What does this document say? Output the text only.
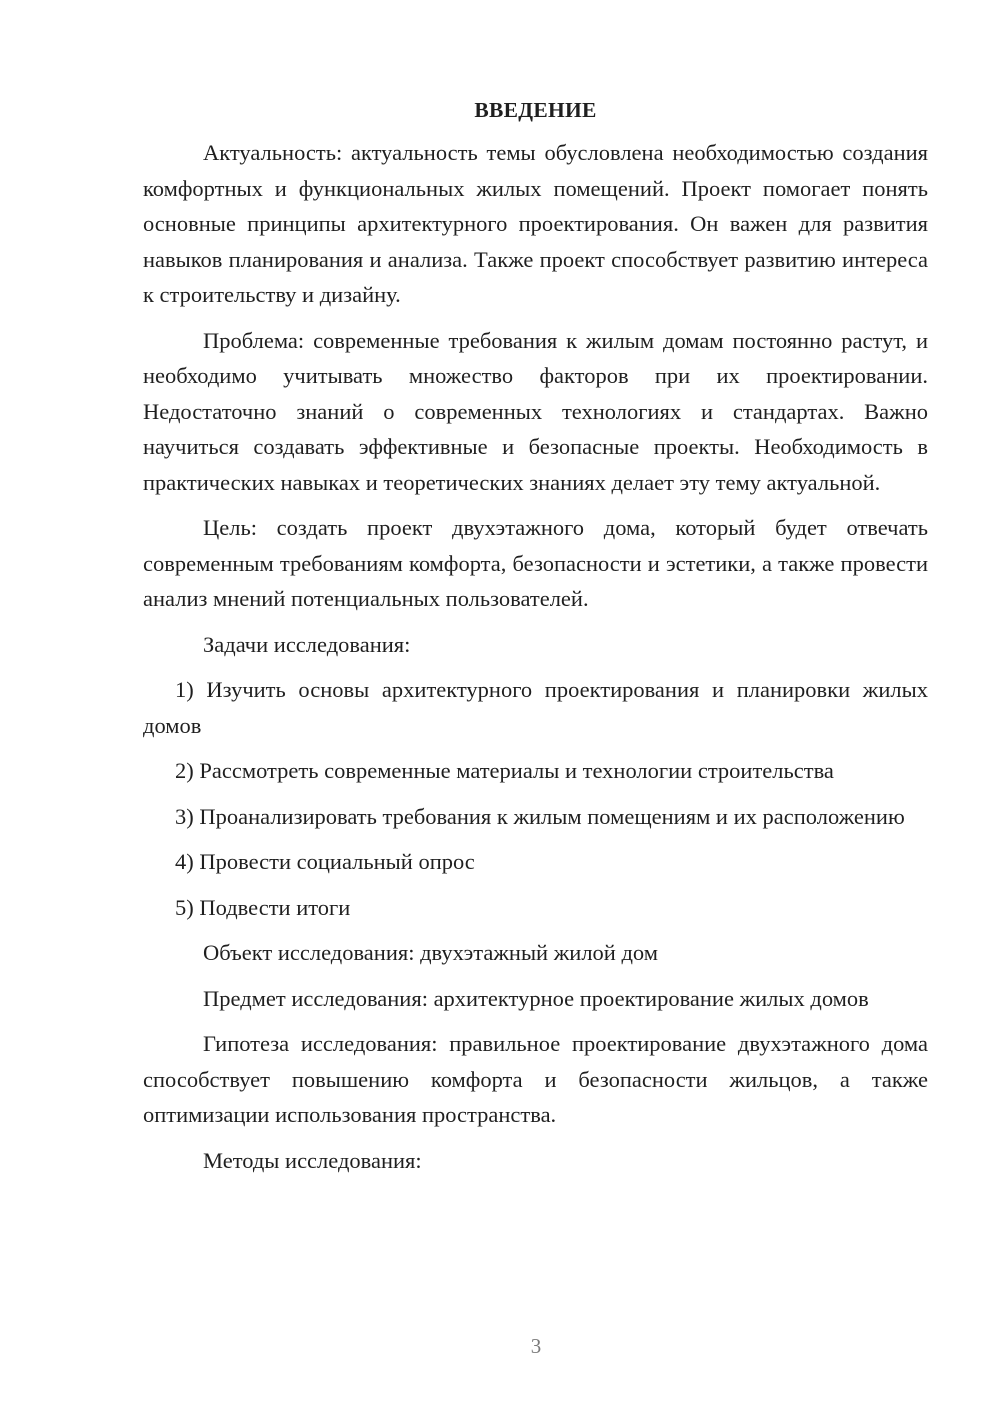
ВВЕДЕНИЕ

Актуальность: актуальность темы обусловлена необходимостью создания комфортных и функциональных жилых помещений. Проект помогает понять основные принципы архитектурного проектирования. Он важен для развития навыков планирования и анализа. Также проект способствует развитию интереса к строительству и дизайну.

Проблема: современные требования к жилым домам постоянно растут, и необходимо учитывать множество факторов при их проектировании. Недостаточно знаний о современных технологиях и стандартах. Важно научиться создавать эффективные и безопасные проекты. Необходимость в практических навыках и теоретических знаниях делает эту тему актуальной.

Цель: создать проект двухэтажного дома, который будет отвечать современным требованиям комфорта, безопасности и эстетики, а также провести анализ мнений потенциальных пользователей.

Задачи исследования:

1) Изучить основы архитектурного проектирования и планировки жилых домов

2) Рассмотреть современные материалы и технологии строительства

3) Проанализировать требования к жилым помещениям и их расположению

4) Провести социальный опрос

5) Подвести итоги

Объект исследования: двухэтажный жилой дом

Предмет исследования: архитектурное проектирование жилых домов

Гипотеза исследования: правильное проектирование двухэтажного дома способствует повышению комфорта и безопасности жильцов, а также оптимизации использования пространства.

Методы исследования:

3
